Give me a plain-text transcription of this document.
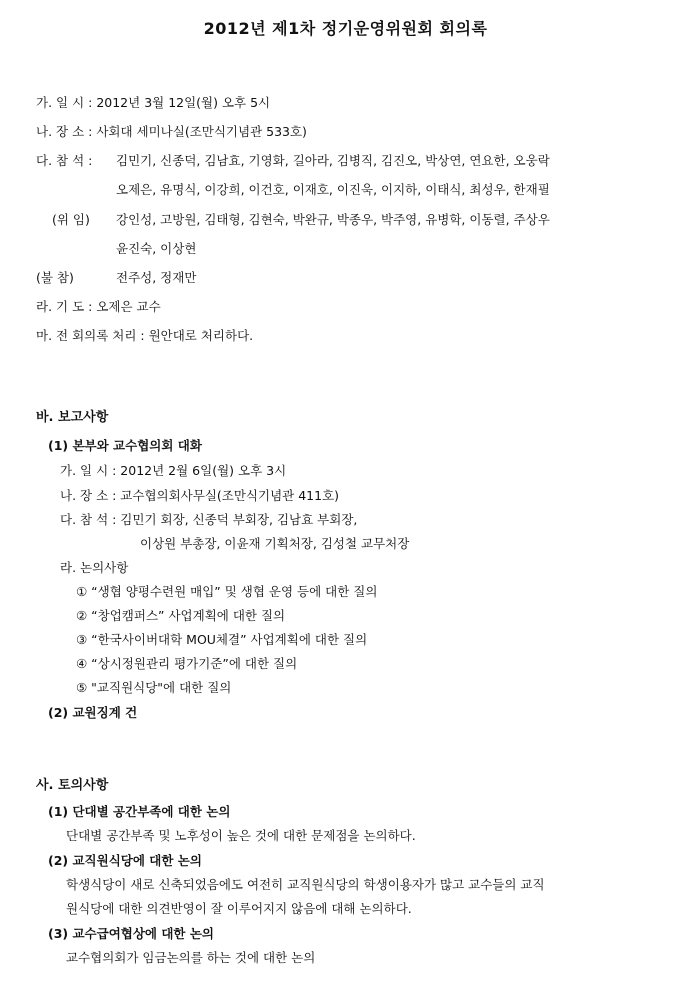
2012년 제1차 정기운영위원회 회의록
가. 일 시 : 2012년 3월 12일(월) 오후 5시
나. 장 소 : 사회대 세미나실(조만식기념관 533호)
다. 참 석 : 김민기, 신종덕, 김남효, 기영화, 길아라, 김병직, 김진오, 박상연, 연요한, 오웅락
오제은, 유명식, 이강희, 이건호, 이재호, 이진욱, 이지하, 이태식, 최성우, 한재필
(위 임) 강인성, 고방원, 김태형, 김현숙, 박완규, 박종우, 박주영, 유병학, 이동렬, 주상우
윤진숙, 이상현
(불 참)	전주성, 정재만
라. 기 도 : 오제은 교수
마. 전 회의록 처리 : 원안대로 처리하다.
바. 보고사항
(1) 본부와 교수협의회 대화
가. 일 시 : 2012년 2월 6일(월) 오후 3시
나. 장 소 : 교수협의회사무실(조만식기념관 411호)
다. 참 석 : 김민기 회장, 신종덕 부회장, 김남효 부회장,
이상원 부총장, 이윤재 기획처장, 김성철 교무처장
라. 논의사항
① “생협 양평수련원 매입” 및 생협 운영 등에 대한 질의
② “창업캠퍼스” 사업계획에 대한 질의
③ “한국사이버대학 MOU체결” 사업계획에 대한 질의
④ “상시정원관리 평가기준”에 대한 질의
⑤ "교직원식당"에 대한 질의
(2) 교원징계 건
사. 토의사항
(1) 단대별 공간부족에 대한 논의
단대별 공간부족 및 노후성이 높은 것에 대한 문제점을 논의하다.
(2) 교직원식당에 대한 논의
학생식당이 새로 신축되었음에도 여전히 교직원식당의 학생이용자가 많고 교수들의 교직
원식당에 대한 의견반영이 잘 이루어지지 않음에 대해 논의하다.
(3) 교수급여협상에 대한 논의
교수협의회가 임금논의를 하는 것에 대한 논의
